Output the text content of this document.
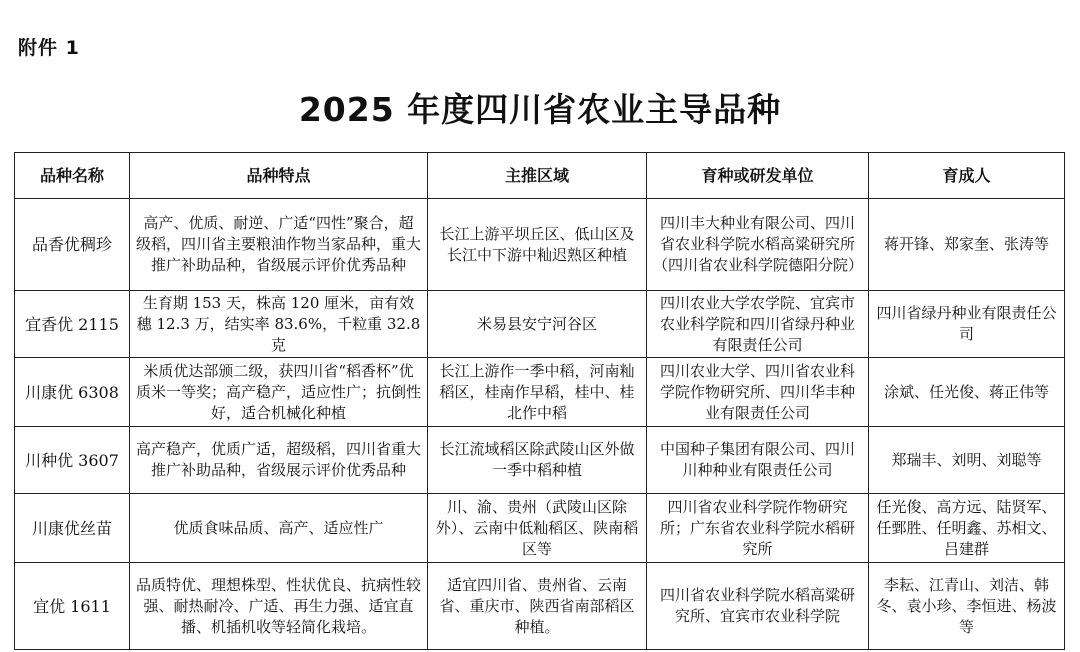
附件 1
2025 年度四川省农业主导品种
品种名称	品种特点	主推区域	育种或研发单位	育成人
品香优稠珍	高产、优质、耐逆、广适“四性”聚合，超级稻，四川省主要粮油作物当家品种，重大推广补助品种，省级展示评价优秀品种	长江上游平坝丘区、低山区及长江中下游中籼迟熟区种植	四川丰大种业有限公司、四川省农业科学院水稻高粱研究所（四川省农业科学院德阳分院）	蒋开锋、郑家奎、张涛等
宜香优 2115	生育期 153 天，株高 120 厘米，亩有效穗 12.3 万，结实率 83.6%，千粒重 32.8 克	米易县安宁河谷区	四川农业大学农学院、宜宾市农业科学院和四川省绿丹种业有限责任公司	四川省绿丹种业有限责任公司
川康优 6308	米质优达部颁二级，获四川省“稻香杯”优质米一等奖；高产稳产，适应性广；抗倒性好，适合机械化种植	长江上游作一季中稻，河南籼稻区，桂南作早稻，桂中、桂北作中稻	四川农业大学、四川省农业科学院作物研究所、四川华丰种业有限责任公司	涂斌、任光俊、蒋正伟等
川种优 3607	高产稳产，优质广适，超级稻，四川省重大推广补助品种，省级展示评价优秀品种	长江流域稻区除武陵山区外做一季中稻种植	中国种子集团有限公司、四川川种种业有限责任公司	郑瑞丰、刘明、刘聪等
川康优丝苗	优质食味品质、高产、适应性广	川、渝、贵州（武陵山区除外）、云南中低籼稻区、陕南稻区等	四川省农业科学院作物研究所；广东省农业科学院水稻研究所	任光俊、高方远、陆贤军、任鄄胜、任明鑫、苏相文、吕建群
宜优 1611	品质特优、理想株型、性状优良、抗病性较强、耐热耐冷、广适、再生力强、适宜直播、机插机收等轻简化栽培。	适宜四川省、贵州省、云南省、重庆市、陕西省南部稻区种植。	四川省农业科学院水稻高粱研究所、宜宾市农业科学院	李耘、江青山、刘洁、韩 冬、袁小珍、李恒进、杨波等
